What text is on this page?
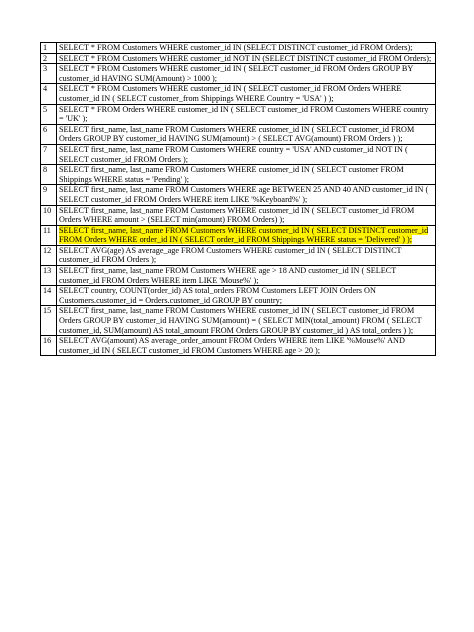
1	SELECT * FROM Customers WHERE customer_id IN (SELECT DISTINCT customer_id FROM Orders);
2	SELECT * FROM Customers WHERE customer_id NOT IN (SELECT DISTINCT customer_id FROM Orders);
3	SELECT * FROM Customers WHERE customer_id IN ( SELECT customer_id FROM Orders GROUP BY customer_id HAVING SUM(Amount) > 1000 );
4	SELECT * FROM Customers WHERE customer_id IN ( SELECT customer_id FROM Orders WHERE customer_id IN ( SELECT customer_from Shippings WHERE Country = 'USA' ) );
5	SELECT * FROM Orders WHERE customer_id IN ( SELECT customer_id FROM Customers WHERE country = 'UK' );
6	SELECT first_name, last_name FROM Customers WHERE customer_id IN ( SELECT customer_id FROM Orders GROUP BY customer_id HAVING SUM(amount) > ( SELECT AVG(amount) FROM Orders ) );
7	SELECT first_name, last_name FROM Customers WHERE country = 'USA' AND customer_id NOT IN ( SELECT customer_id FROM Orders );
8	SELECT first_name, last_name FROM Customers WHERE customer_id IN ( SELECT customer FROM Shippings WHERE status = 'Pending' );
9	SELECT first_name, last_name FROM Customers WHERE age BETWEEN 25 AND 40 AND customer_id IN ( SELECT customer_id FROM Orders WHERE item LIKE '%Keyboard%' );
10	SELECT first_name, last_name FROM Customers WHERE customer_id IN ( SELECT customer_id FROM Orders WHERE amount > (SELECT min(amount) FROM Orders) );
11	SELECT first_name, last_name FROM Customers WHERE customer_id IN ( SELECT DISTINCT customer_id FROM Orders WHERE order_id IN ( SELECT order_id FROM Shippings WHERE status = 'Delivered' ) );
12	SELECT AVG(age) AS average_age FROM Customers WHERE customer_id IN ( SELECT DISTINCT customer_id FROM Orders );
13	SELECT first_name, last_name FROM Customers WHERE age > 18 AND customer_id IN ( SELECT customer_id FROM Orders WHERE item LIKE 'Mouse%' );
14	SELECT country, COUNT(order_id) AS total_orders FROM Customers LEFT JOIN Orders ON Customers.customer_id = Orders.customer_id GROUP BY country;
15	SELECT first_name, last_name FROM Customers WHERE customer_id IN ( SELECT customer_id FROM Orders GROUP BY customer_id HAVING SUM(amount) = ( SELECT MIN(total_amount) FROM ( SELECT customer_id, SUM(amount) AS total_amount FROM Orders GROUP BY customer_id ) AS total_orders ) );
16	SELECT AVG(amount) AS average_order_amount FROM Orders WHERE item LIKE '%Mouse%' AND customer_id IN ( SELECT customer_id FROM Customers WHERE age > 20 );
